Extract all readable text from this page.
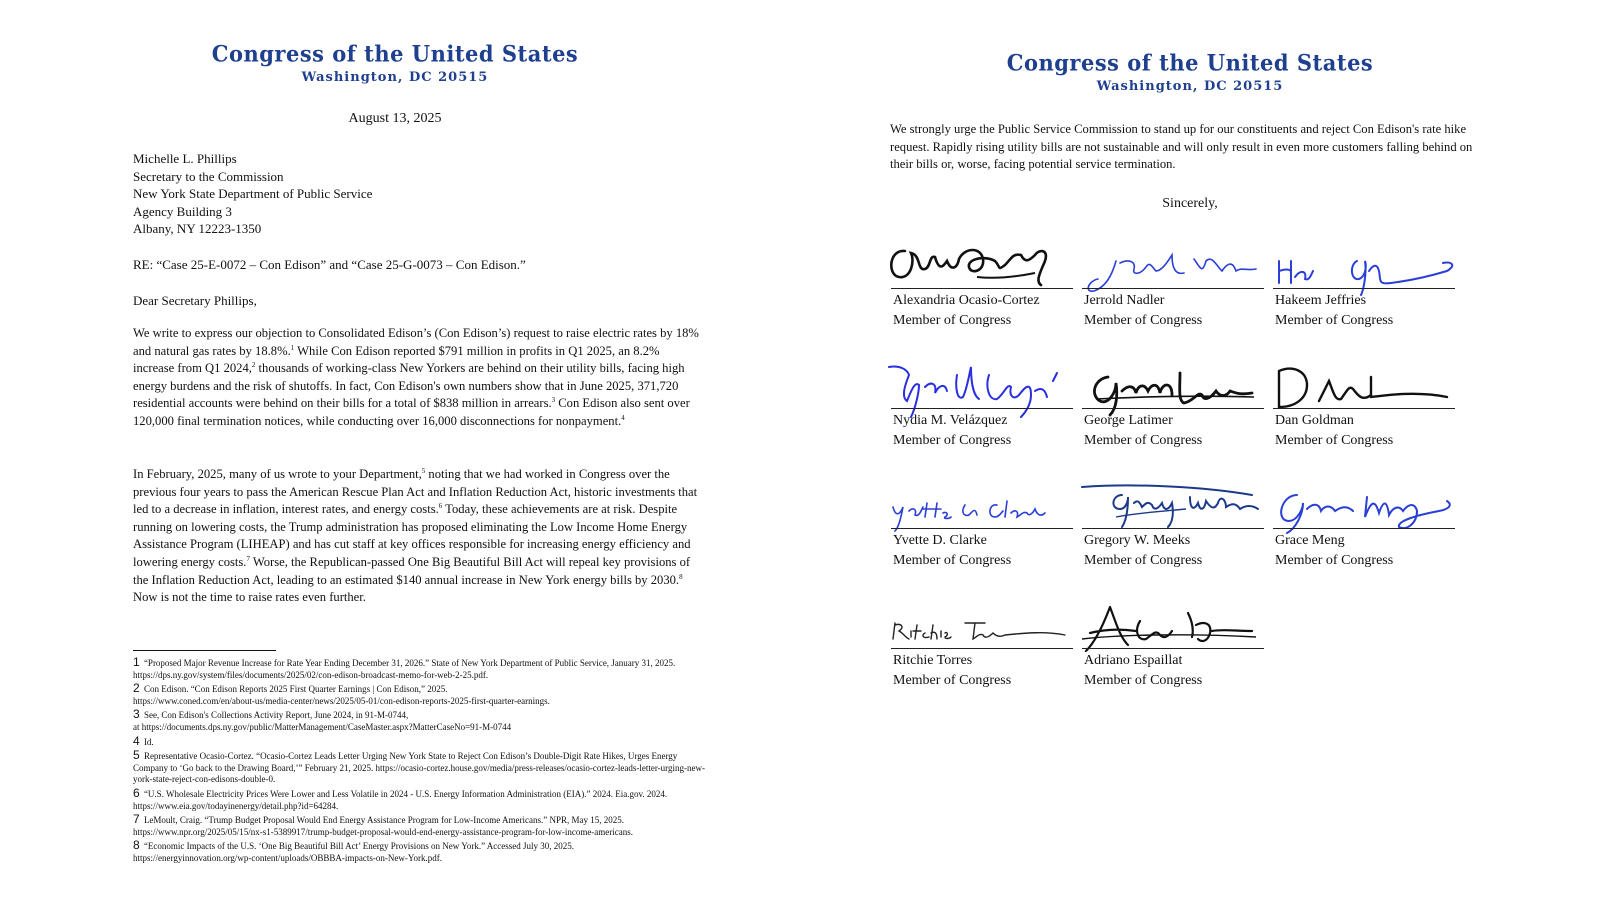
Congress of the United States
Washington, DC 20515

August 13, 2025

Michelle L. Phillips
Secretary to the Commission
New York State Department of Public Service
Agency Building 3
Albany, NY 12223-1350

RE: “Case 25-E-0072 – Con Edison” and “Case 25-G-0073 – Con Edison.”

Dear Secretary Phillips,

We write to express our objection to Consolidated Edison’s (Con Edison’s) request to raise electric rates by 18% and natural gas rates by 18.8%.$^1$ While Con Edison reported $791 million in profits in Q1 2025, an 8.2% increase from Q1 2024,$^2$ thousands of working-class New Yorkers are behind on their utility bills, facing high energy burdens and the risk of shutoffs. In fact, Con Edison's own numbers show that in June 2025, 371,720 residential accounts were behind on their bills for a total of $838 million in arrears.$^3$ Con Edison also sent over 120,000 final termination notices, while conducting over 16,000 disconnections for nonpayment.$^4$

In February, 2025, many of us wrote to your Department,$^5$ noting that we had worked in Congress over the previous four years to pass the American Rescue Plan Act and Inflation Reduction Act, historic investments that led to a decrease in inflation, interest rates, and energy costs.$^6$ Today, these achievements are at risk. Despite running on lowering costs, the Trump administration has proposed eliminating the Low Income Home Energy Assistance Program (LIHEAP) and has cut staff at key offices responsible for increasing energy efficiency and lowering energy costs.$^7$ Worse, the Republican-passed One Big Beautiful Bill Act will repeal key provisions of the Inflation Reduction Act, leading to an estimated $140 annual increase in New York energy bills by 2030.$^8$ Now is not the time to raise rates even further.

1 “Proposed Major Revenue Increase for Rate Year Ending December 31, 2026.” State of New York Department of Public Service, January 31, 2025. https://dps.ny.gov/system/files/documents/2025/02/con-edison-broadcast-memo-for-web-2-25.pdf.
2 Con Edison. “Con Edison Reports 2025 First Quarter Earnings | Con Edison,” 2025.
https://www.coned.com/en/about-us/media-center/news/2025/05-01/con-edison-reports-2025-first-quarter-earnings.
3 See, Con Edison's Collections Activity Report, June 2024, in 91-M-0744,
at https://documents.dps.ny.gov/public/MatterManagement/CaseMaster.aspx?MatterCaseNo=91-M-0744
4 Id.
5 Representative Ocasio-Cortez. “Ocasio-Cortez Leads Letter Urging New York State to Reject Con Edison’s Double-Digit Rate Hikes, Urges Energy Company to ‘Go back to the Drawing Board,’” February 21, 2025. https://ocasio-cortez.house.gov/media/press-releases/ocasio-cortez-leads-letter-urging-new-york-state-reject-con-edisons-double-0.
6 “U.S. Wholesale Electricity Prices Were Lower and Less Volatile in 2024 - U.S. Energy Information Administration (EIA).” 2024. Eia.gov. 2024. https://www.eia.gov/todayinenergy/detail.php?id=64284.
7 LeMoult, Craig. “Trump Budget Proposal Would End Energy Assistance Program for Low-Income Americans.” NPR, May 15, 2025.
https://www.npr.org/2025/05/15/nx-s1-5389917/trump-budget-proposal-would-end-energy-assistance-program-for-low-income-americans.
8 “Economic Impacts of the U.S. ‘One Big Beautiful Bill Act’ Energy Provisions on New York.” Accessed July 30, 2025.
https://energyinnovation.org/wp-content/uploads/OBBBA-impacts-on-New-York.pdf.
Congress of the United States
Washington, DC 20515

We strongly urge the Public Service Commission to stand up for our constituents and reject Con Edison's rate hike request. Rapidly rising utility bills are not sustainable and will only result in even more customers falling behind on their bills or, worse, facing potential service termination.

Sincerely,

Alexandria Ocasio-Cortez
Member of Congress
Jerrold Nadler
Member of Congress
Hakeem Jeffries
Member of Congress
Nydia M. Velázquez
Member of Congress
George Latimer
Member of Congress
Dan Goldman
Member of Congress
Yvette D. Clarke
Member of Congress
Gregory W. Meeks
Member of Congress
Grace Meng
Member of Congress
Ritchie Torres
Member of Congress
Adriano Espaillat
Member of Congress
